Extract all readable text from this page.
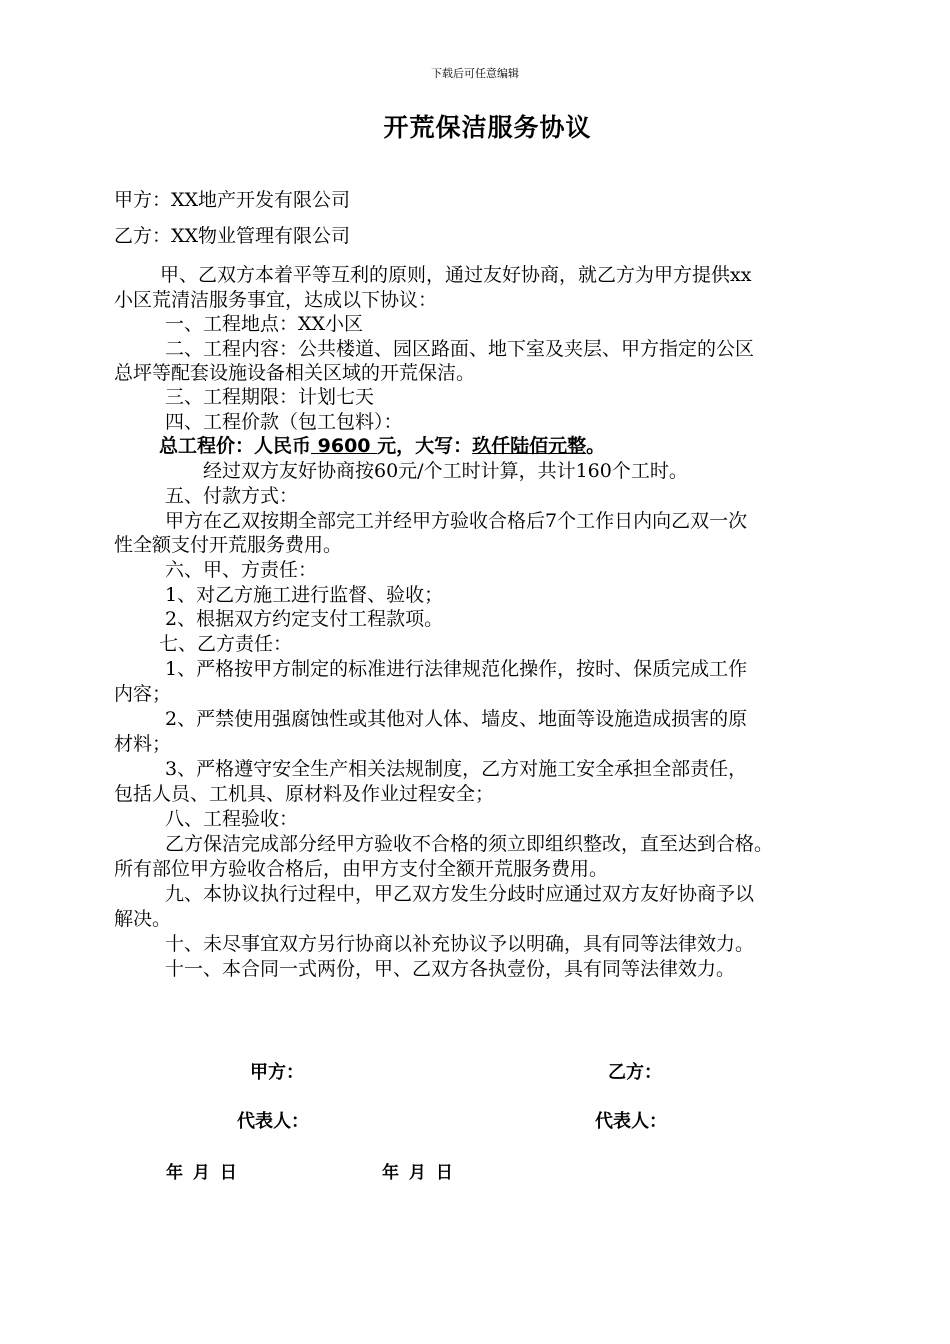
下载后可任意编辑
开荒保洁服务协议
甲方：XX地产开发有限公司
乙方：XX物业管理有限公司
甲、乙双方本着平等互利的原则，通过友好协商，就乙方为甲方提供xx
小区荒清洁服务事宜，达成以下协议：
一、工程地点：XX小区
二、工程内容：公共楼道、园区路面、地下室及夹层、甲方指定的公区
总坪等配套设施设备相关区域的开荒保洁。
三、工程期限：计划七天
四、工程价款（包工包料）：
总工程价：人民币 9600 元，大写：玖仟陆佰元整。
经过双方友好协商按60元/个工时计算，共计160个工时。
五、付款方式：
甲方在乙双按期全部完工并经甲方验收合格后7个工作日内向乙双一次
性全额支付开荒服务费用。
六、甲、方责任：
1、对乙方施工进行监督、验收；
2、根据双方约定支付工程款项。
七、乙方责任：
1、严格按甲方制定的标准进行法律规范化操作，按时、保质完成工作
内容；
2、严禁使用强腐蚀性或其他对人体、墙皮、地面等设施造成损害的原
材料；
3、严格遵守安全生产相关法规制度，乙方对施工安全承担全部责任，
包括人员、工机具、原材料及作业过程安全；
八、工程验收：
乙方保洁完成部分经甲方验收不合格的须立即组织整改，直至达到合格。
所有部位甲方验收合格后，由甲方支付全额开荒服务费用。
九、本协议执行过程中，甲乙双方发生分歧时应通过双方友好协商予以
解决。
十、未尽事宜双方另行协商以补充协议予以明确，具有同等法律效力。
十一、本合同一式两份，甲、乙双方各执壹份，具有同等法律效力。
甲方：	乙方：
代表人：	代表人：
年 月 日	年 月 日
